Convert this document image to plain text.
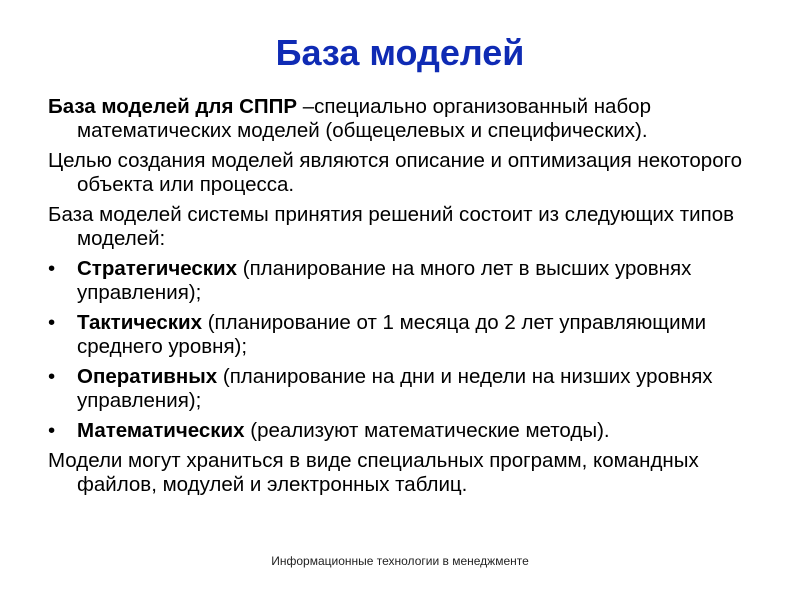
База моделей
База моделей для СППР –специально организованный набор математических моделей (общецелевых и специфических).
Целью создания моделей являются описание и оптимизация некоторого объекта или процесса.
База моделей системы принятия решений состоит из следующих типов моделей:
•	Стратегических (планирование на много лет в высших уровнях управления);
•	Тактических (планирование от 1 месяца до 2 лет управляющими среднего уровня);
•	Оперативных (планирование на дни и недели на низших уровнях управления);
•	Математических (реализуют математические методы).
Модели могут храниться в виде специальных программ, командных файлов, модулей и электронных таблиц.
Информационные технологии в менеджменте
